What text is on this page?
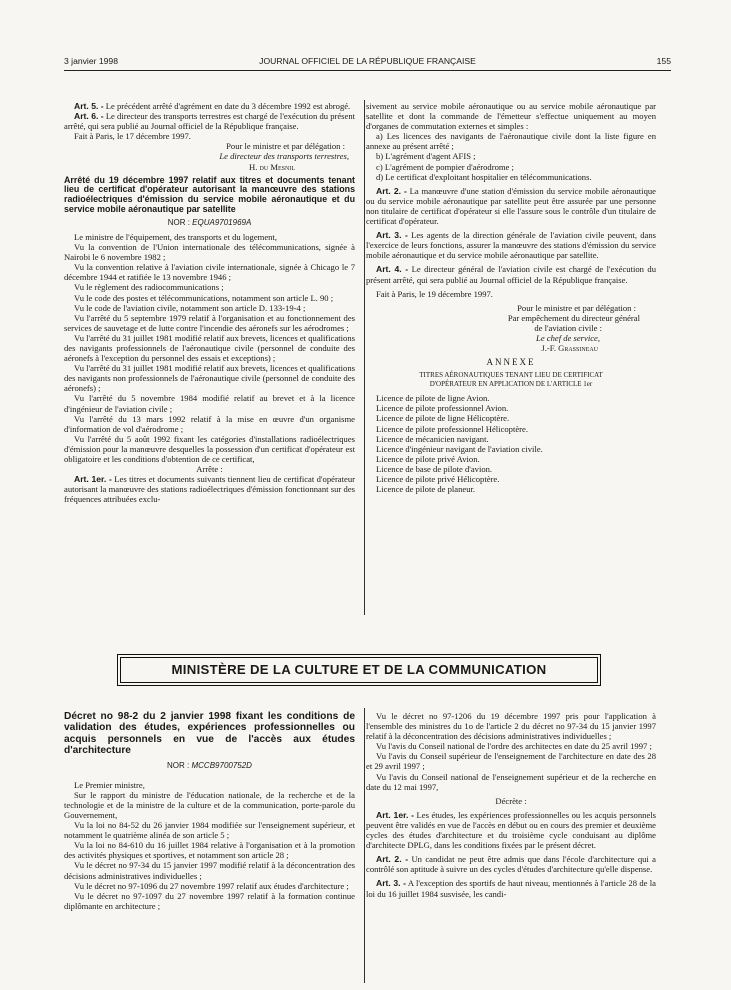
3 janvier 1998	JOURNAL OFFICIEL DE LA RÉPUBLIQUE FRANÇAISE	155

Art. 5. - Le précédent arrêté d'agrément en date du 3 décembre 1992 est abrogé.

Art. 6. - Le directeur des transports terrestres est chargé de l'exécution du présent arrêté, qui sera publié au Journal officiel de la République française.

Fait à Paris, le 17 décembre 1997.

Pour le ministre et par délégation :

Le directeur des transports terrestres,

H. du Mesnil

Arrêté du 19 décembre 1997 relatif aux titres et documents tenant lieu de certificat d'opérateur autorisant la manœuvre des stations radioélectriques d'émission du service mobile aéronautique et du service mobile aéronautique par satellite

NOR : EQUA9701969A

Le ministre de l'équipement, des transports et du logement,

Vu la convention de l'Union internationale des télécommunications, signée à Nairobi le 6 novembre 1982 ;

Vu la convention relative à l'aviation civile internationale, signée à Chicago le 7 décembre 1944 et ratifiée le 13 novembre 1946 ;

Vu le règlement des radiocommunications ;

Vu le code des postes et télécommunications, notamment son article L. 90 ;

Vu le code de l'aviation civile, notamment son article D. 133-19-4 ;

Vu l'arrêté du 5 septembre 1979 relatif à l'organisation et au fonctionnement des services de sauvetage et de lutte contre l'incendie des aéronefs sur les aérodromes ;

Vu l'arrêté du 31 juillet 1981 modifié relatif aux brevets, licences et qualifications des navigants professionnels de l'aéronautique civile (personnel de conduite des aéronefs à l'exception du personnel des essais et exceptions) ;

Vu l'arrêté du 31 juillet 1981 modifié relatif aux brevets, licences et qualifications des navigants non professionnels de l'aéronautique civile (personnel de conduite des aéronefs) ;

Vu l'arrêté du 5 novembre 1984 modifié relatif au brevet et à la licence d'ingénieur de l'aviation civile ;

Vu l'arrêté du 13 mars 1992 relatif à la mise en œuvre d'un organisme d'information de vol d'aérodrome ;

Vu l'arrêté du 5 août 1992 fixant les catégories d'installations radioélectriques d'émission pour la manœuvre desquelles la possession d'un certificat d'opérateur est obligatoire et les conditions d'obtention de ce certificat,

Arrête :

Art. 1er. - Les titres et documents suivants tiennent lieu de certificat d'opérateur autorisant la manœuvre des stations radioélectriques d'émission fonctionnant sur des fréquences attribuées exclu-

sivement au service mobile aéronautique ou au service mobile aéronautique par satellite et dont la commande de l'émetteur s'effectue uniquement au moyen d'organes de commutation externes et simples :

a) Les licences des navigants de l'aéronautique civile dont la liste figure en annexe au présent arrêté ;

b) L'agrément d'agent AFIS ;

c) L'agrément de pompier d'aérodrome ;

d) Le certificat d'exploitant hospitalier en télécommunications.

Art. 2. - La manœuvre d'une station d'émission du service mobile aéronautique ou du service mobile aéronautique par satellite peut être assurée par une personne non titulaire de certificat d'opérateur si elle l'assure sous le contrôle d'un titulaire de certificat d'opérateur.

Art. 3. - Les agents de la direction générale de l'aviation civile peuvent, dans l'exercice de leurs fonctions, assurer la manœuvre des stations d'émission du service mobile aéronautique et du service mobile aéronautique par satellite.

Art. 4. - Le directeur général de l'aviation civile est chargé de l'exécution du présent arrêté, qui sera publié au Journal officiel de la République française.

Fait à Paris, le 19 décembre 1997.

Pour le ministre et par délégation :

Par empêchement du directeur général

de l'aviation civile :

Le chef de service,

J.-F. Grassineau

ANNEXE

TITRES AÉRONAUTIQUES TENANT LIEU DE CERTIFICAT

D'OPÉRATEUR EN APPLICATION DE L'ARTICLE 1er

Licence de pilote de ligne Avion.

Licence de pilote professionnel Avion.

Licence de pilote de ligne Hélicoptère.

Licence de pilote professionnel Hélicoptère.

Licence de mécanicien navigant.

Licence d'ingénieur navigant de l'aviation civile.

Licence de pilote privé Avion.

Licence de base de pilote d'avion.

Licence de pilote privé Hélicoptère.

Licence de pilote de planeur.

MINISTÈRE DE LA CULTURE ET DE LA COMMUNICATION

Décret no 98-2 du 2 janvier 1998 fixant les conditions de validation des études, expériences professionnelles ou acquis personnels en vue de l'accès aux études d'architecture

NOR : MCCB9700752D

Le Premier ministre,

Sur le rapport du ministre de l'éducation nationale, de la recherche et de la technologie et de la ministre de la culture et de la communication, porte-parole du Gouvernement,

Vu la loi no 84-52 du 26 janvier 1984 modifiée sur l'enseignement supérieur, et notamment le quatrième alinéa de son article 5 ;

Vu la loi no 84-610 du 16 juillet 1984 relative à l'organisation et à la promotion des activités physiques et sportives, et notamment son article 28 ;

Vu le décret no 97-34 du 15 janvier 1997 modifié relatif à la déconcentration des décisions administratives individuelles ;

Vu le décret no 97-1096 du 27 novembre 1997 relatif aux études d'architecture ;

Vu le décret no 97-1097 du 27 novembre 1997 relatif à la formation continue diplômante en architecture ;

Vu le décret no 97-1206 du 19 décembre 1997 pris pour l'application à l'ensemble des ministres du 1o de l'article 2 du décret no 97-34 du 15 janvier 1997 relatif à la déconcentration des décisions administratives individuelles ;

Vu l'avis du Conseil national de l'ordre des architectes en date du 25 avril 1997 ;

Vu l'avis du Conseil supérieur de l'enseignement de l'architecture en date des 28 et 29 avril 1997 ;

Vu l'avis du Conseil national de l'enseignement supérieur et de la recherche en date du 12 mai 1997,

Décrète :

Art. 1er. - Les études, les expériences professionnelles ou les acquis personnels peuvent être validés en vue de l'accès en début ou en cours des premier et deuxième cycles des études d'architecture et du troisième cycle conduisant au diplôme d'architecte DPLG, dans les conditions fixées par le présent décret.

Art. 2. - Un candidat ne peut être admis que dans l'école d'architecture qui a contrôlé son aptitude à suivre un des cycles d'études d'architecture qu'elle dispense.

Art. 3. - A l'exception des sportifs de haut niveau, mentionnés à l'article 28 de la loi du 16 juillet 1984 susvisée, les candi-
